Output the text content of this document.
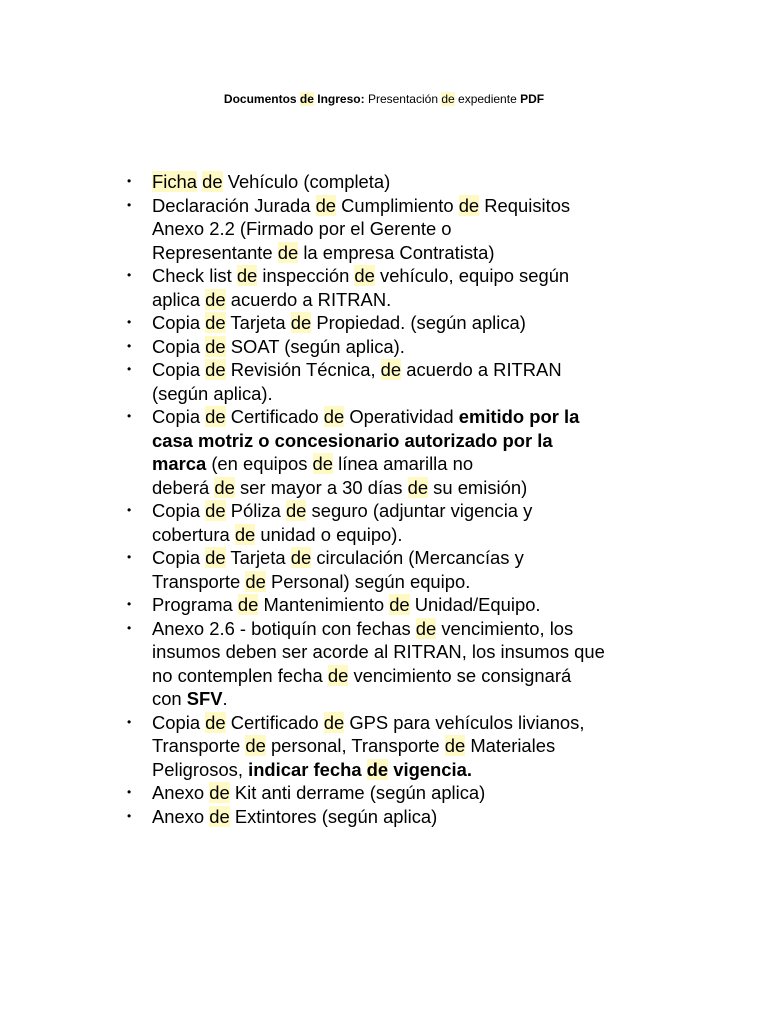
Documentos de Ingreso: Presentación de expediente PDF
• Ficha de Vehículo (completa)
• Declaración Jurada de Cumplimiento de Requisitos
Anexo 2.2 (Firmado por el Gerente o
Representante de la empresa Contratista)
• Check list de inspección de vehículo, equipo según
aplica de acuerdo a RITRAN.
• Copia de Tarjeta de Propiedad. (según aplica)
• Copia de SOAT (según aplica).
• Copia de Revisión Técnica, de acuerdo a RITRAN
(según aplica).
• Copia de Certificado de Operatividad emitido por la
casa motriz o concesionario autorizado por la
marca (en equipos de línea amarilla no
deberá de ser mayor a 30 días de su emisión)
• Copia de Póliza de seguro (adjuntar vigencia y
cobertura de unidad o equipo).
• Copia de Tarjeta de circulación (Mercancías y
Transporte de Personal) según equipo.
• Programa de Mantenimiento de Unidad/Equipo.
• Anexo 2.6 - botiquín con fechas de vencimiento, los
insumos deben ser acorde al RITRAN, los insumos que
no contemplen fecha de vencimiento se consignará
con SFV.
• Copia de Certificado de GPS para vehículos livianos,
Transporte de personal, Transporte de Materiales
Peligrosos, indicar fecha de vigencia.
• Anexo de Kit anti derrame (según aplica)
• Anexo de Extintores (según aplica)
